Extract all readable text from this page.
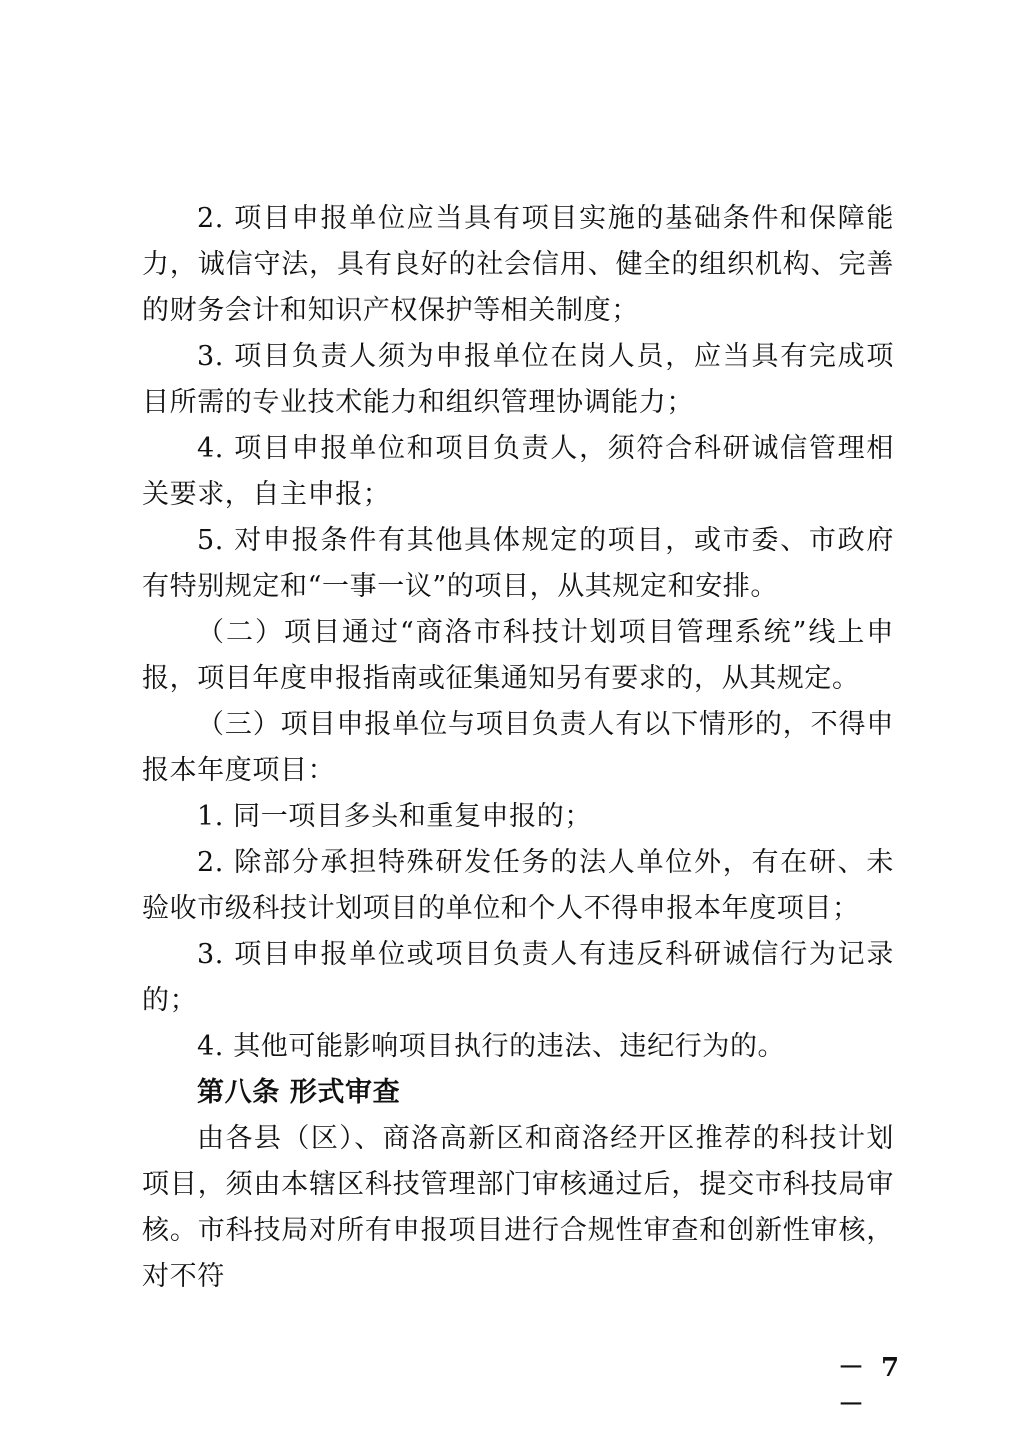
2. 项目申报单位应当具有项目实施的基础条件和保障能力，诚信守法，具有良好的社会信用、健全的组织机构、完善的财务会计和知识产权保护等相关制度；

3. 项目负责人须为申报单位在岗人员，应当具有完成项目所需的专业技术能力和组织管理协调能力；

4. 项目申报单位和项目负责人，须符合科研诚信管理相关要求，自主申报；

5. 对申报条件有其他具体规定的项目，或市委、市政府有特别规定和“一事一议”的项目，从其规定和安排。

（二）项目通过“商洛市科技计划项目管理系统”线上申报，项目年度申报指南或征集通知另有要求的，从其规定。

（三）项目申报单位与项目负责人有以下情形的，不得申报本年度项目：

1. 同一项目多头和重复申报的；

2. 除部分承担特殊研发任务的法人单位外，有在研、未验收市级科技计划项目的单位和个人不得申报本年度项目；

3. 项目申报单位或项目负责人有违反科研诚信行为记录的；

4. 其他可能影响项目执行的违法、违纪行为的。

第八条 形式审查

由各县（区）、商洛高新区和商洛经开区推荐的科技计划项目，须由本辖区科技管理部门审核通过后，提交市科技局审核。市科技局对所有申报项目进行合规性审查和创新性审核，对不符

－ 7 －
